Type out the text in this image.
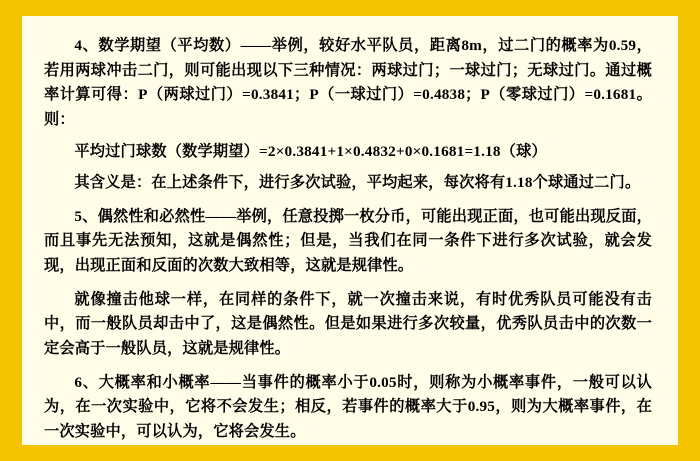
4、数学期望（平均数）——举例，较好水平队员，距离8m，过二门的概率为0.59，若用两球冲击二门，则可能出现以下三种情况：两球过门；一球过门；无球过门。通过概率计算可得：P（两球过门）=0.3841；P（一球过门）=0.4838；P（零球过门）=0.1681。则：

平均过门球数（数学期望）=2×0.3841+1×0.4832+0×0.1681=1.18（球）

其含义是：在上述条件下，进行多次试验，平均起来，每次将有1.18个球通过二门。

5、偶然性和必然性——举例，任意投掷一枚分币，可能出现正面，也可能出现反面，而且事先无法预知，这就是偶然性；但是，当我们在同一条件下进行多次试验，就会发现，出现正面和反面的次数大致相等，这就是规律性。

就像撞击他球一样，在同样的条件下，就一次撞击来说，有时优秀队员可能没有击中，而一般队员却击中了，这是偶然性。但是如果进行多次较量，优秀队员击中的次数一定会高于一般队员，这就是规律性。

6、大概率和小概率——当事件的概率小于0.05时，则称为小概率事件，一般可以认为，在一次实验中，它将不会发生；相反，若事件的概率大于0.95，则为大概率事件，在一次实验中，可以认为，它将会发生。
